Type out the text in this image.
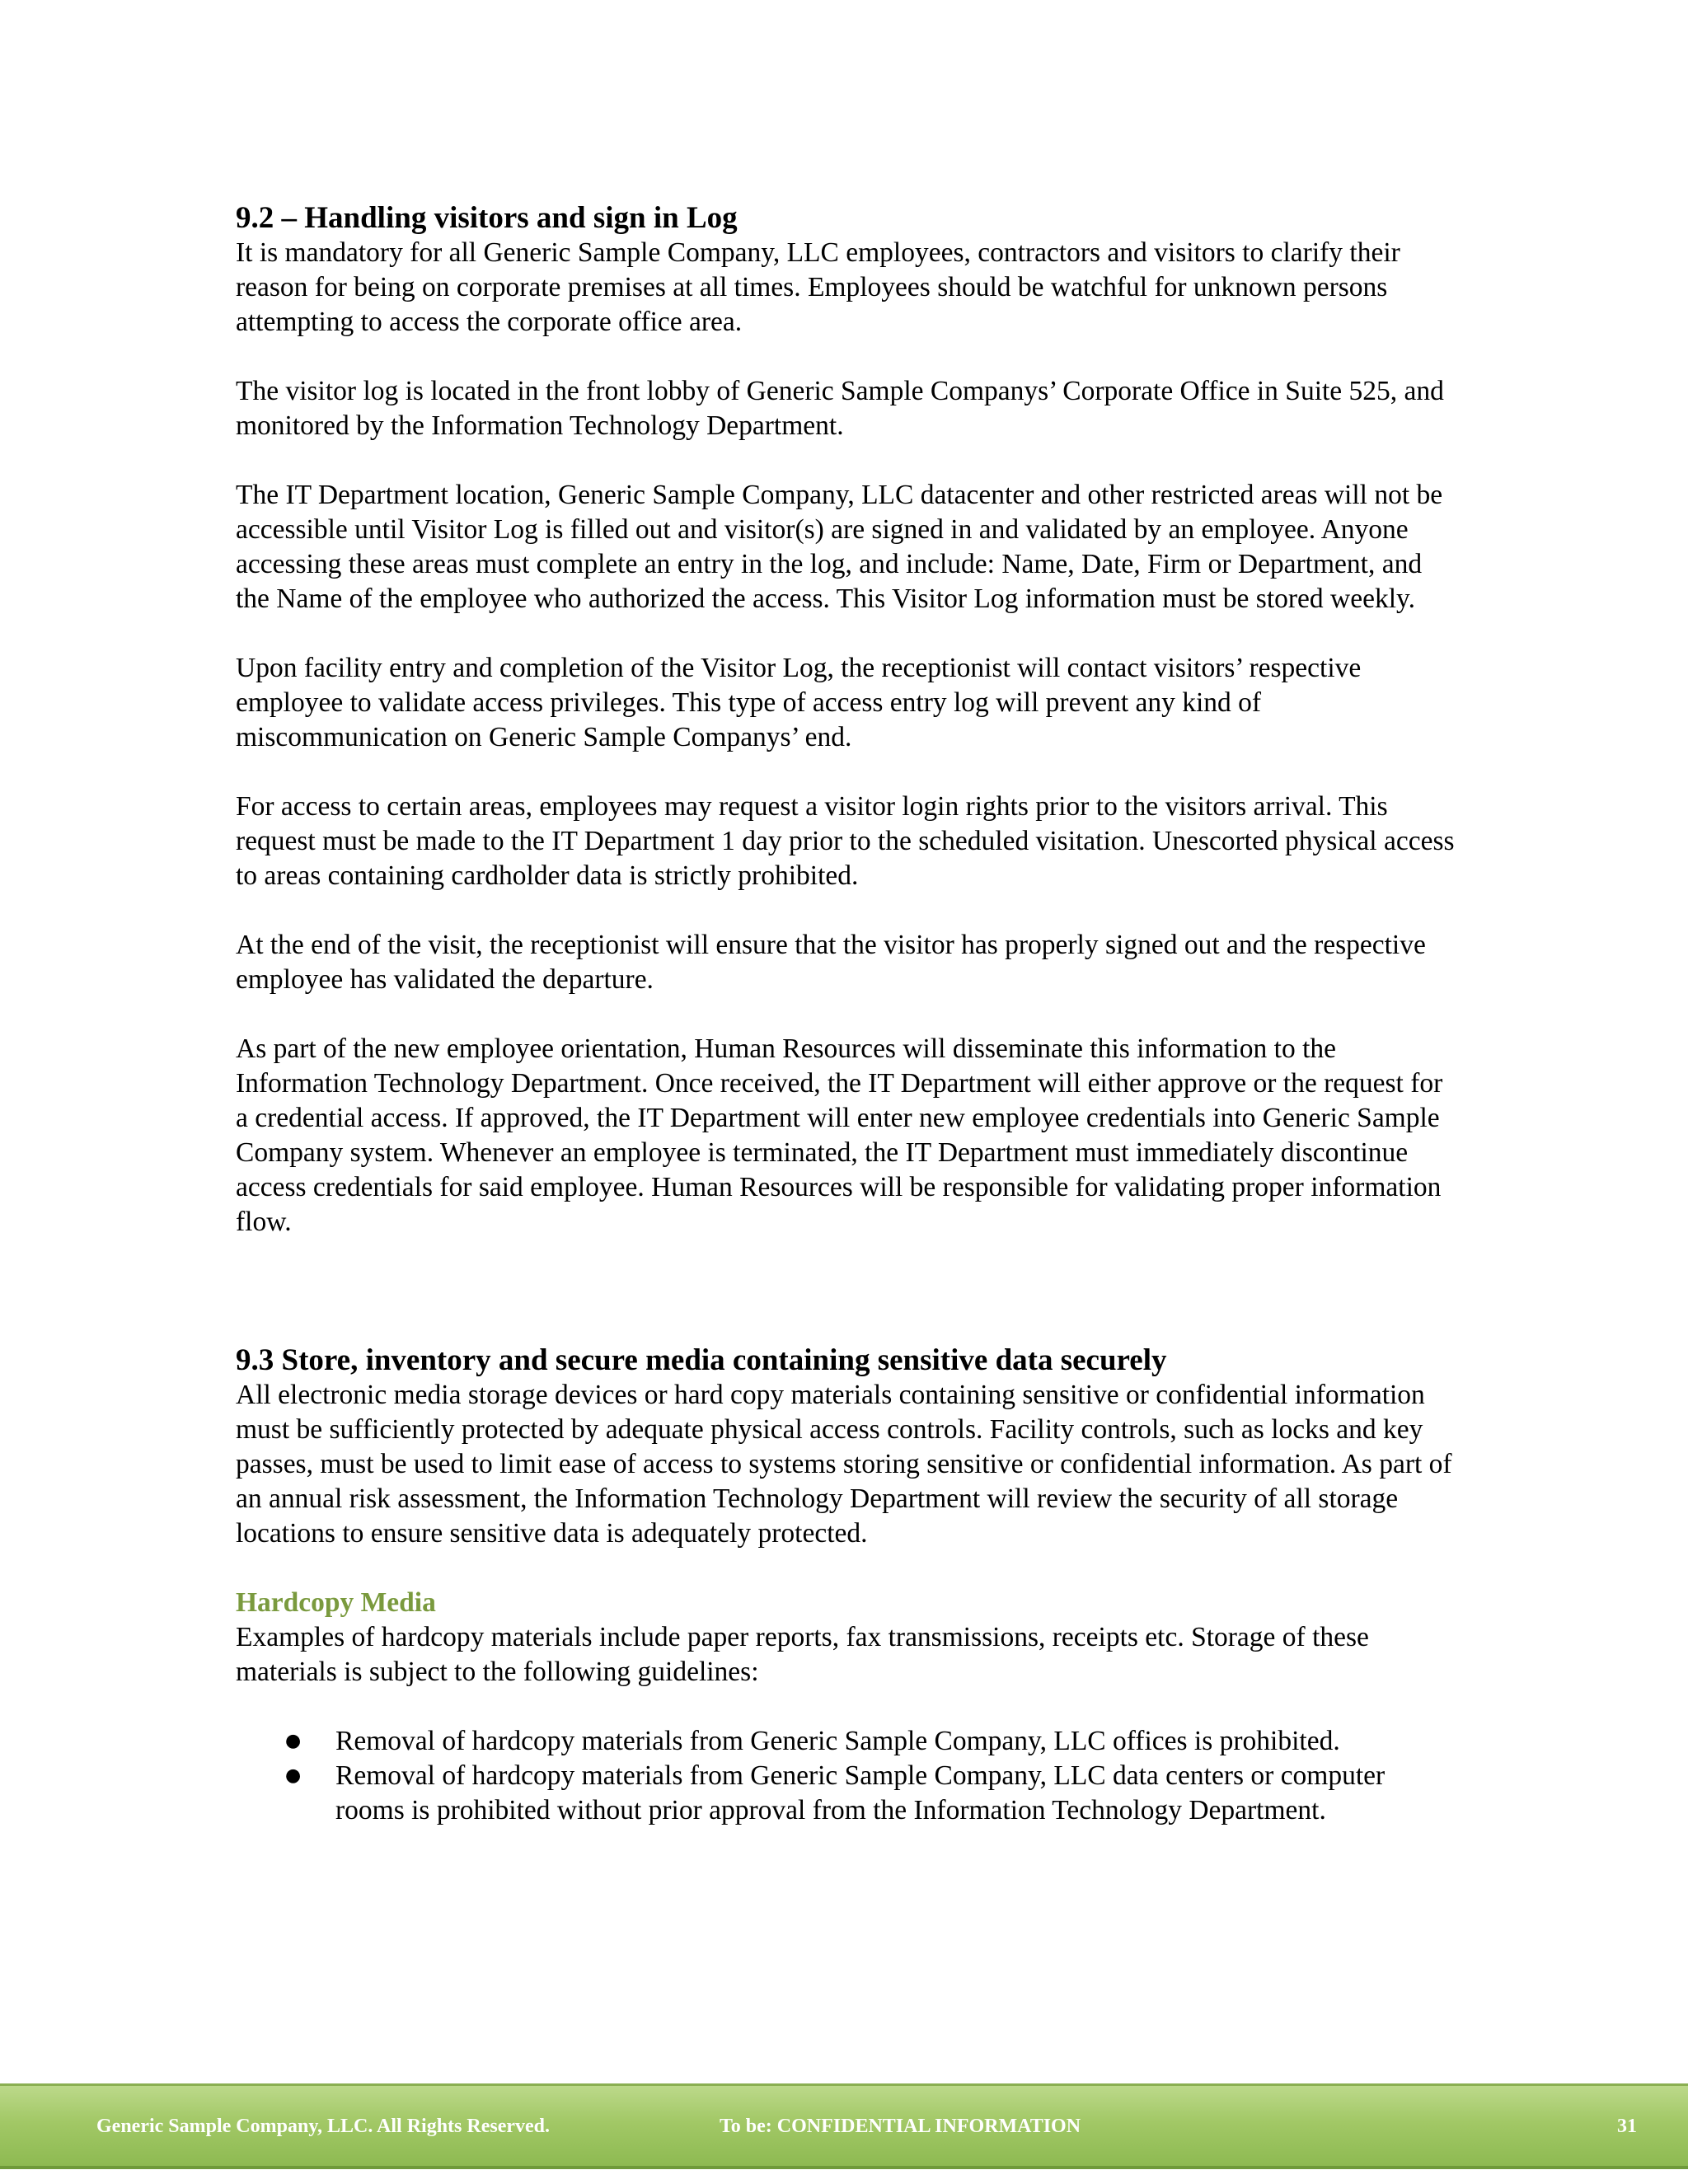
9.2 – Handling visitors and sign in Log

It is mandatory for all Generic Sample Company, LLC employees, contractors and visitors to clarify their reason for being on corporate premises at all times. Employees should be watchful for unknown persons attempting to access the corporate office area.

The visitor log is located in the front lobby of Generic Sample Companys’ Corporate Office in Suite 525, and monitored by the Information Technology Department.

The IT Department location, Generic Sample Company, LLC datacenter and other restricted areas will not be accessible until Visitor Log is filled out and visitor(s) are signed in and validated by an employee. Anyone accessing these areas must complete an entry in the log, and include: Name, Date, Firm or Department, and the Name of the employee who authorized the access. This Visitor Log information must be stored weekly.

Upon facility entry and completion of the Visitor Log, the receptionist will contact visitors’ respective employee to validate access privileges. This type of access entry log will prevent any kind of miscommunication on Generic Sample Companys’ end.

For access to certain areas, employees may request a visitor login rights prior to the visitors arrival. This request must be made to the IT Department 1 day prior to the scheduled visitation. Unescorted physical access to areas containing cardholder data is strictly prohibited.

At the end of the visit, the receptionist will ensure that the visitor has properly signed out and the respective employee has validated the departure.

As part of the new employee orientation, Human Resources will disseminate this information to the Information Technology Department. Once received, the IT Department will either approve or the request for a credential access. If approved, the IT Department will enter new employee credentials into Generic Sample Company system. Whenever an employee is terminated, the IT Department must immediately discontinue access credentials for said employee. Human Resources will be responsible for validating proper information flow.

9.3 Store, inventory and secure media containing sensitive data securely

All electronic media storage devices or hard copy materials containing sensitive or confidential information must be sufficiently protected by adequate physical access controls. Facility controls, such as locks and key passes, must be used to limit ease of access to systems storing sensitive or confidential information. As part of an annual risk assessment, the Information Technology Department will review the security of all storage locations to ensure sensitive data is adequately protected.

Hardcopy Media

Examples of hardcopy materials include paper reports, fax transmissions, receipts etc. Storage of these materials is subject to the following guidelines:

● Removal of hardcopy materials from Generic Sample Company, LLC offices is prohibited.
● Removal of hardcopy materials from Generic Sample Company, LLC data centers or computer rooms is prohibited without prior approval from the Information Technology Department.
Generic Sample Company, LLC. All Rights Reserved.	To be: CONFIDENTIAL INFORMATION	31
